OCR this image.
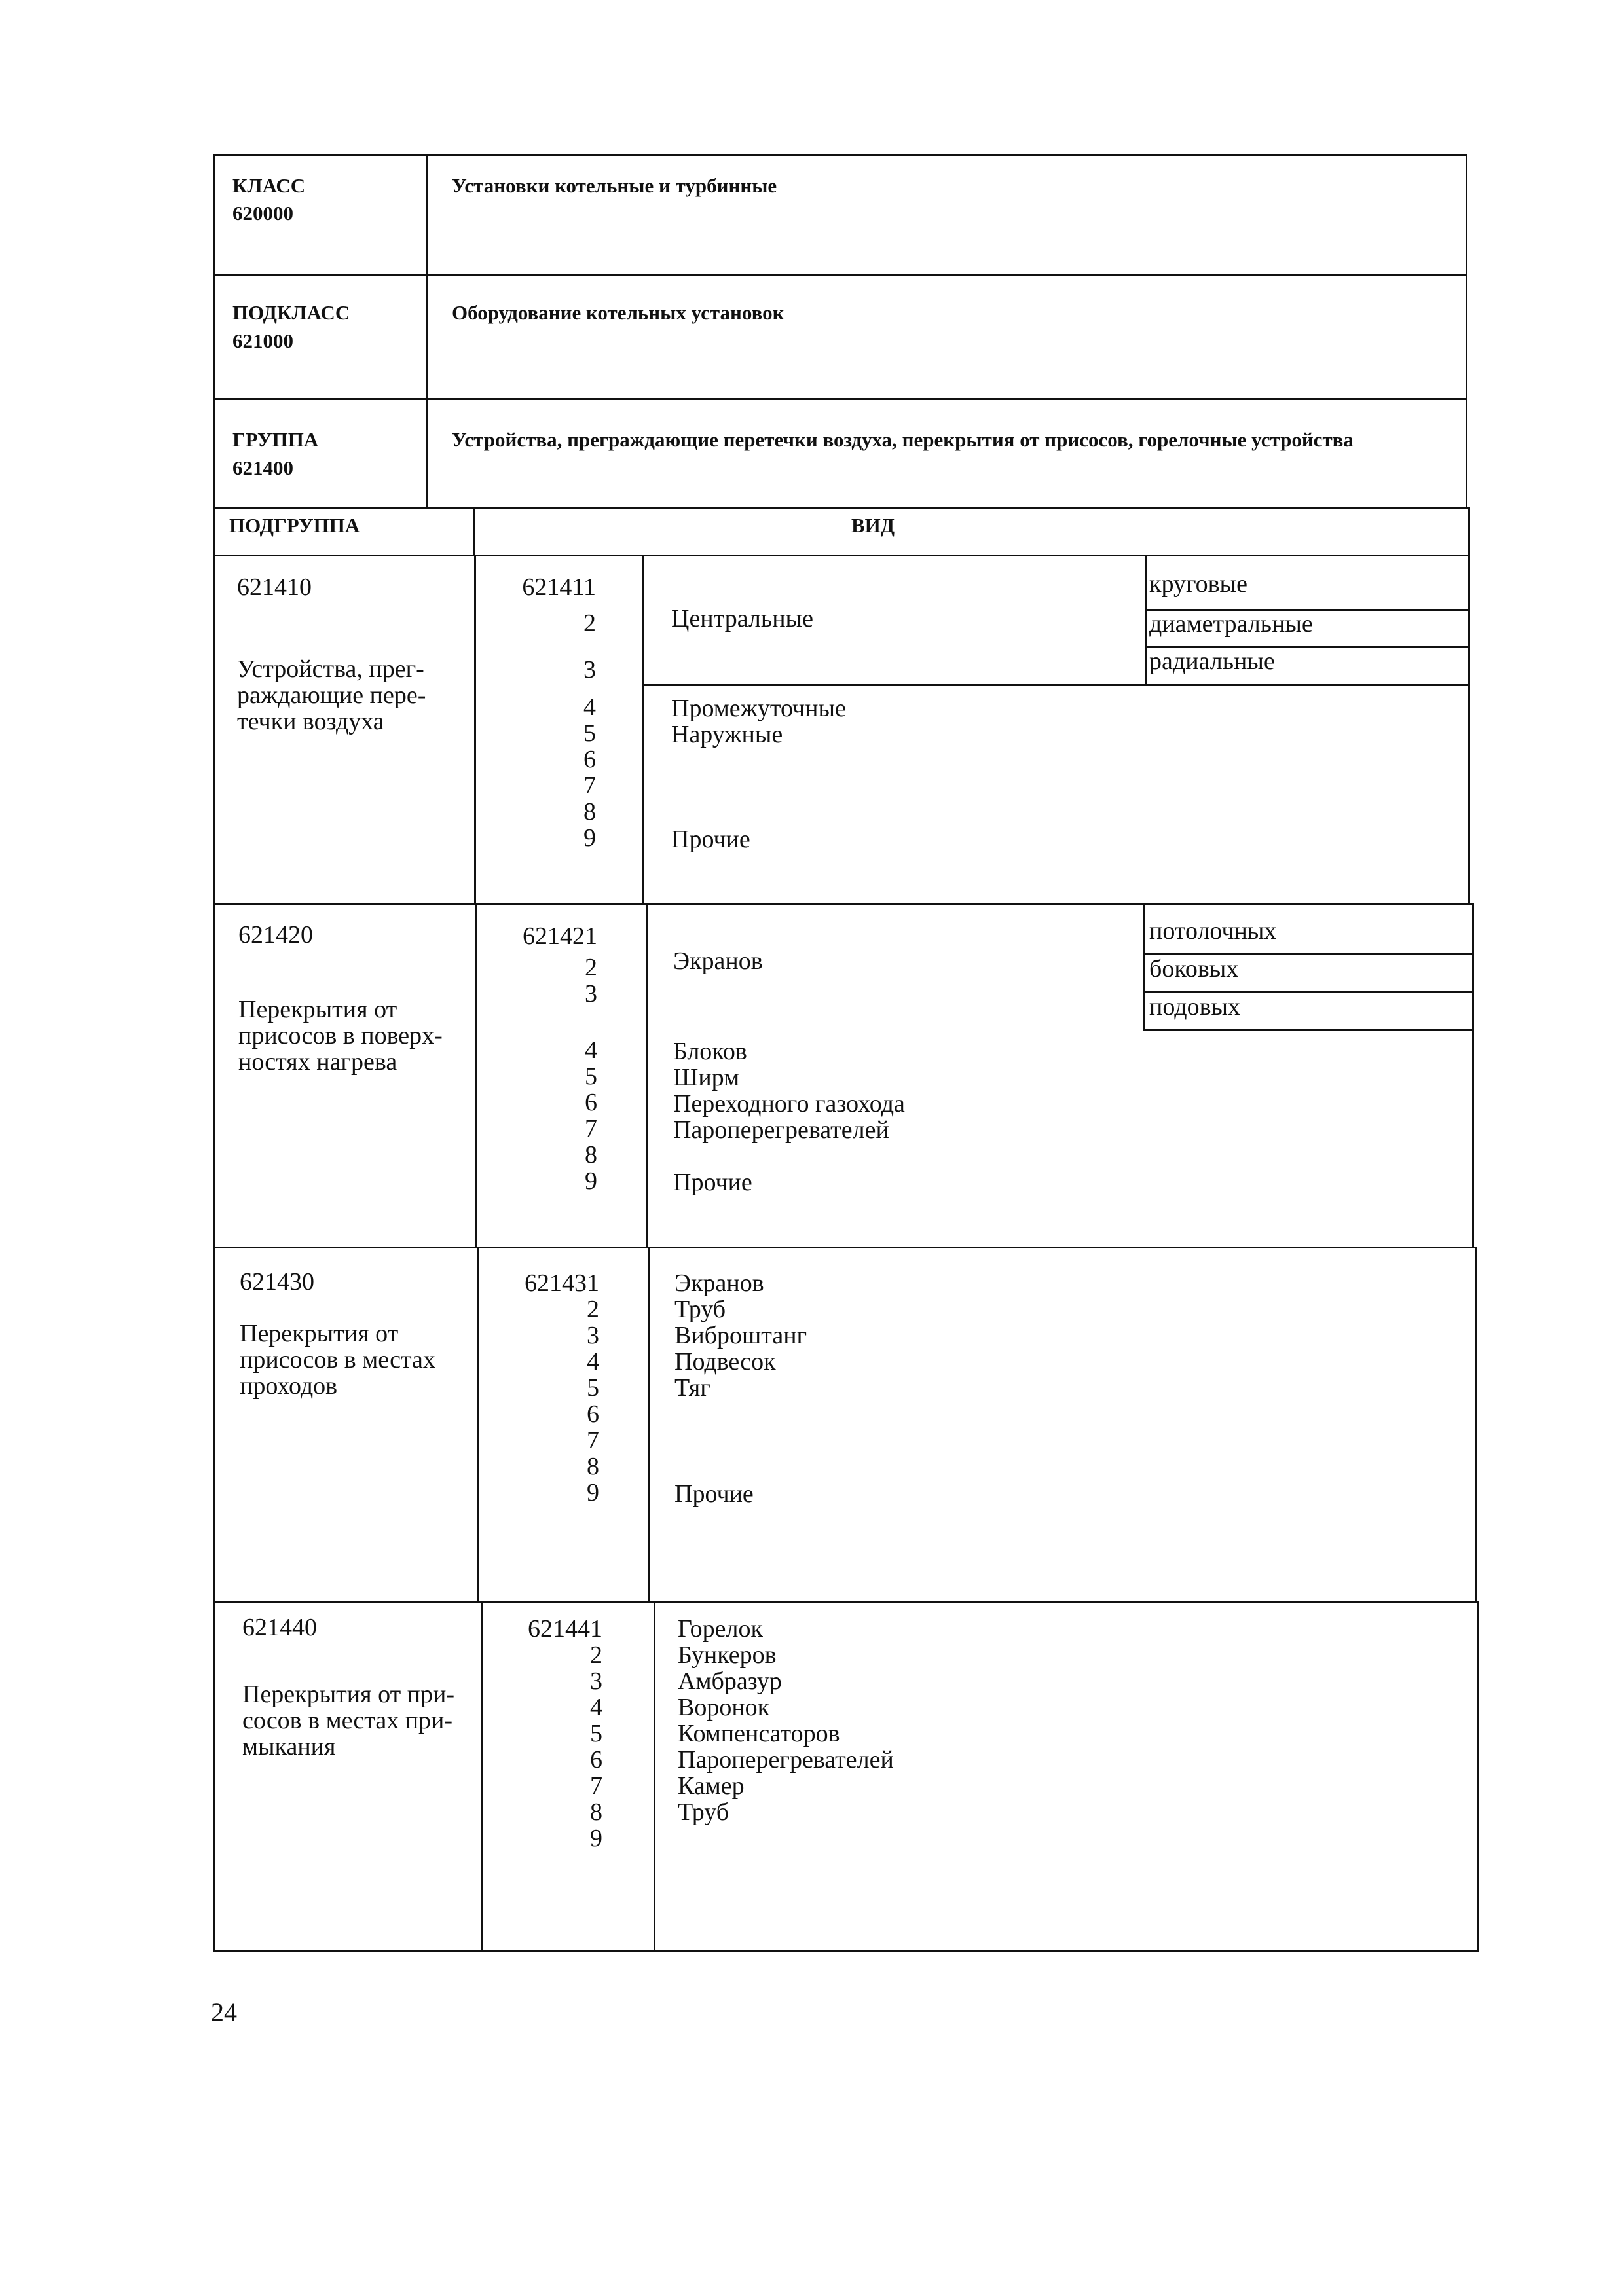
КЛАСС
620000
Установки котельные и турбинные
ПОДКЛАСС
621000
Оборудование котельных установок
ГРУППА
621400
Устройства, преграждающие перетечки воздуха, перекрытия от присосов, горелочные устройства
ПОДГРУППА	ВИД
621410
Устройства, прег-
раждающие пере-
течки воздуха
621411
2
3
4
5
6
7
8
9
Центральные
Промежуточные
Наружные
Прочие
круговые
диаметральные
радиальные
621420
Перекрытия от
присосов в поверх-
ностях нагрева
621421
2
3
4
5
6
7
8
9
Экранов
Блоков
Ширм
Переходного газохода
Пароперегревателей
Прочие
потолочных
боковых
подовых
621430
Перекрытия от
присосов в местах
проходов
621431
2
3
4
5
6
7
8
9
Экранов
Труб
Виброштанг
Подвесок
Тяг
Прочие
621440
Перекрытия от при-
сосов в местах при-
мыкания
621441
2
3
4
5
6
7
8
9
Горелок
Бункеров
Амбразур
Воронок
Компенсаторов
Пароперегревателей
Камер
Труб
24
